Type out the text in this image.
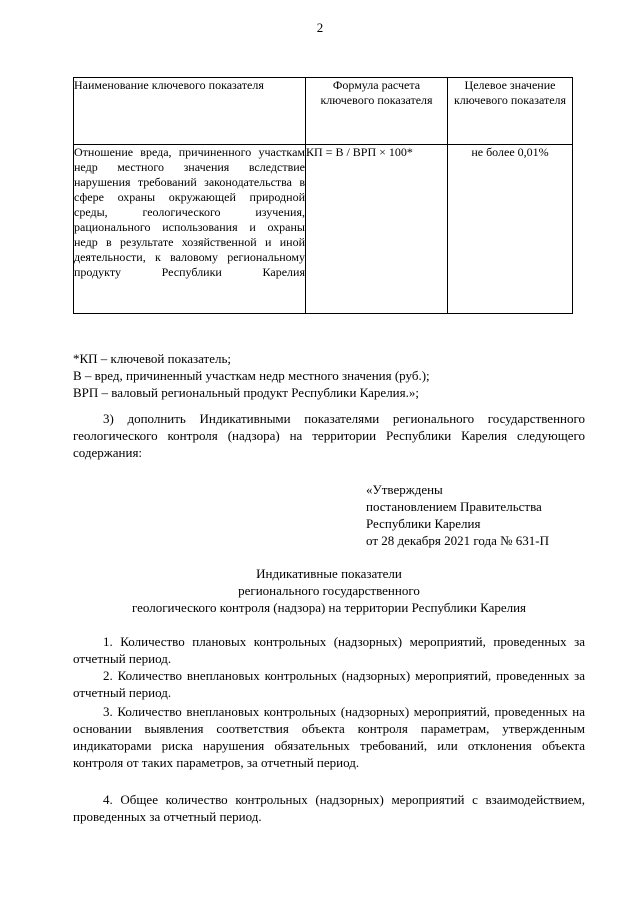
2
Наименование ключевого показателя	Формула расчета ключевого показателя	Целевое значение ключевого показателя
Отношение вреда, причиненного участкам недр местного значения вследствие нарушения требований законодательства в сфере охраны окружающей природной среды, геологического изучения, рационального использования и охраны недр в результате хозяйственной и иной деятельности, к валовому региональному продукту Республики Карелия	КП = В / ВРП × 100*	не более 0,01%
*КП – ключевой показатель;
В – вред, причиненный участкам недр местного значения (руб.);
ВРП – валовый региональный продукт Республики Карелия.»;
3) дополнить Индикативными показателями регионального государственного геологического контроля (надзора) на территории Республики Карелия следующего содержания:
«Утверждены
постановлением Правительства
Республики Карелия
от 28 декабря 2021 года № 631-П
Индикативные показатели
регионального государственного
геологического контроля (надзора) на территории Республики Карелия
1. Количество плановых контрольных (надзорных) мероприятий, проведенных за отчетный период.
2. Количество внеплановых контрольных (надзорных) мероприятий, проведенных за отчетный период.
3. Количество внеплановых контрольных (надзорных) мероприятий, проведенных на основании выявления соответствия объекта контроля параметрам, утвержденным индикаторами риска нарушения обязательных требований, или отклонения объекта контроля от таких параметров, за отчетный период.
4. Общее количество контрольных (надзорных) мероприятий с взаимодействием, проведенных за отчетный период.
